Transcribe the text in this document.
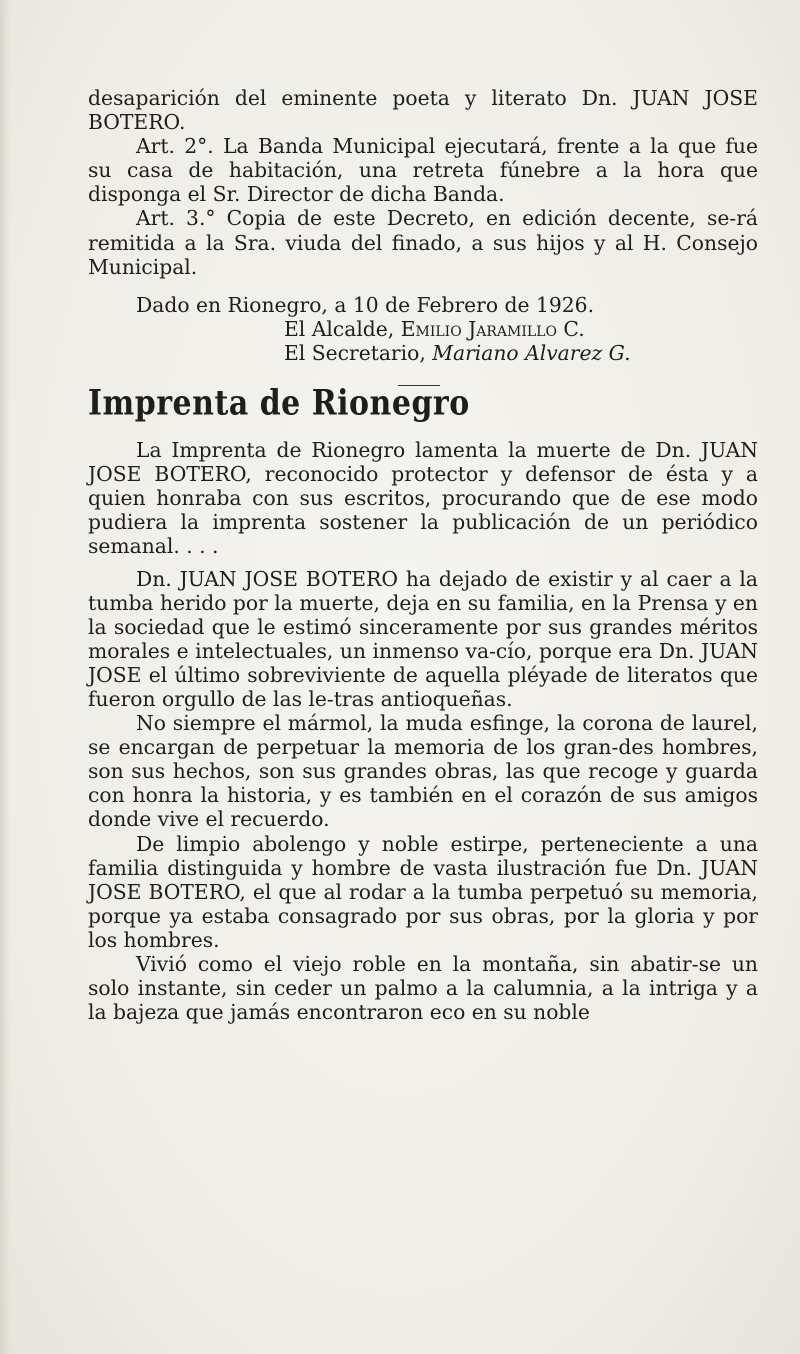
desaparición del eminente poeta y literato Dn. JUAN JOSE BOTERO.

Art. 2°. La Banda Municipal ejecutará, frente a la que fue su casa de habitación, una retreta fúnebre a la hora que disponga el Sr. Director de dicha Banda.

Art. 3.° Copia de este Decreto, en edición decente, se-rá remitida a la Sra. viuda del finado, a sus hijos y al H. Consejo Municipal.

Dado en Rionegro, a 10 de Febrero de 1926.

El Alcalde, Emilio Jaramillo C.

El Secretario, Mariano Alvarez G.

Imprenta de Rionegro

La Imprenta de Rionegro lamenta la muerte de Dn. JUAN JOSE BOTERO, reconocido protector y defensor de ésta y a quien honraba con sus escritos, procurando que de ese modo pudiera la imprenta sostener la publicación de un periódico semanal. . . .

Dn. JUAN JOSE BOTERO ha dejado de existir y al caer a la tumba herido por la muerte, deja en su familia, en la Prensa y en la sociedad que le estimó sinceramente por sus grandes méritos morales e intelectuales, un inmenso va-cío, porque era Dn. JUAN JOSE el último sobreviviente de aquella pléyade de literatos que fueron orgullo de las le-tras antioqueñas.

No siempre el mármol, la muda esfinge, la corona de laurel, se encargan de perpetuar la memoria de los gran-des hombres, son sus hechos, son sus grandes obras, las que recoge y guarda con honra la historia, y es también en el corazón de sus amigos donde vive el recuerdo.

De limpio abolengo y noble estirpe, perteneciente a una familia distinguida y hombre de vasta ilustración fue Dn. JUAN JOSE BOTERO, el que al rodar a la tumba perpetuó su memoria, porque ya estaba consagrado por sus obras, por la gloria y por los hombres.

Vivió como el viejo roble en la montaña, sin abatir-se un solo instante, sin ceder un palmo a la calumnia, a la intriga y a la bajeza que jamás encontraron eco en su noble
